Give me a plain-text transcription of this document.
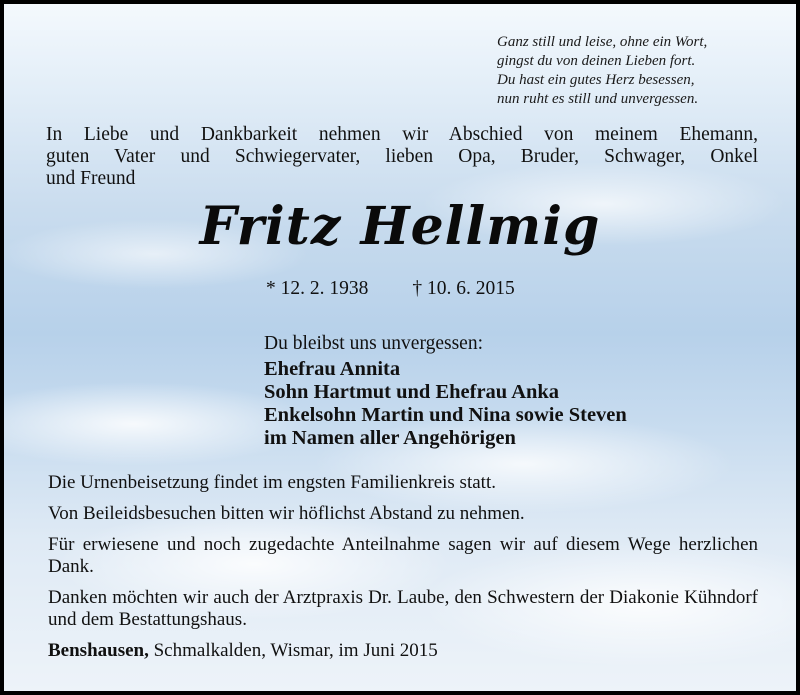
Ganz still und leise, ohne ein Wort,
gingst du von deinen Lieben fort.
Du hast ein gutes Herz besessen,
nun ruht es still und unvergessen.
In Liebe und Dankbarkeit nehmen wir Abschied von meinem Ehemann,
guten Vater und Schwiegervater, lieben Opa, Bruder, Schwager, Onkel
und Freund
Fritz Hellmig
* 12. 2. 1938 † 10. 6. 2015
Du bleibst uns unvergessen:
Ehefrau Annita
Sohn Hartmut und Ehefrau Anka
Enkelsohn Martin und Nina sowie Steven
im Namen aller Angehörigen

Die Urnenbeisetzung findet im engsten Familienkreis statt.

Von Beileidsbesuchen bitten wir höflichst Abstand zu nehmen.

Für erwiesene und noch zugedachte Anteilnahme sagen wir auf diesem Wege herzlichen Dank.

Danken möchten wir auch der Arztpraxis Dr. Laube, den Schwestern der Diakonie Kühndorf und dem Bestattungshaus.

Benshausen, Schmalkalden, Wismar, im Juni 2015
